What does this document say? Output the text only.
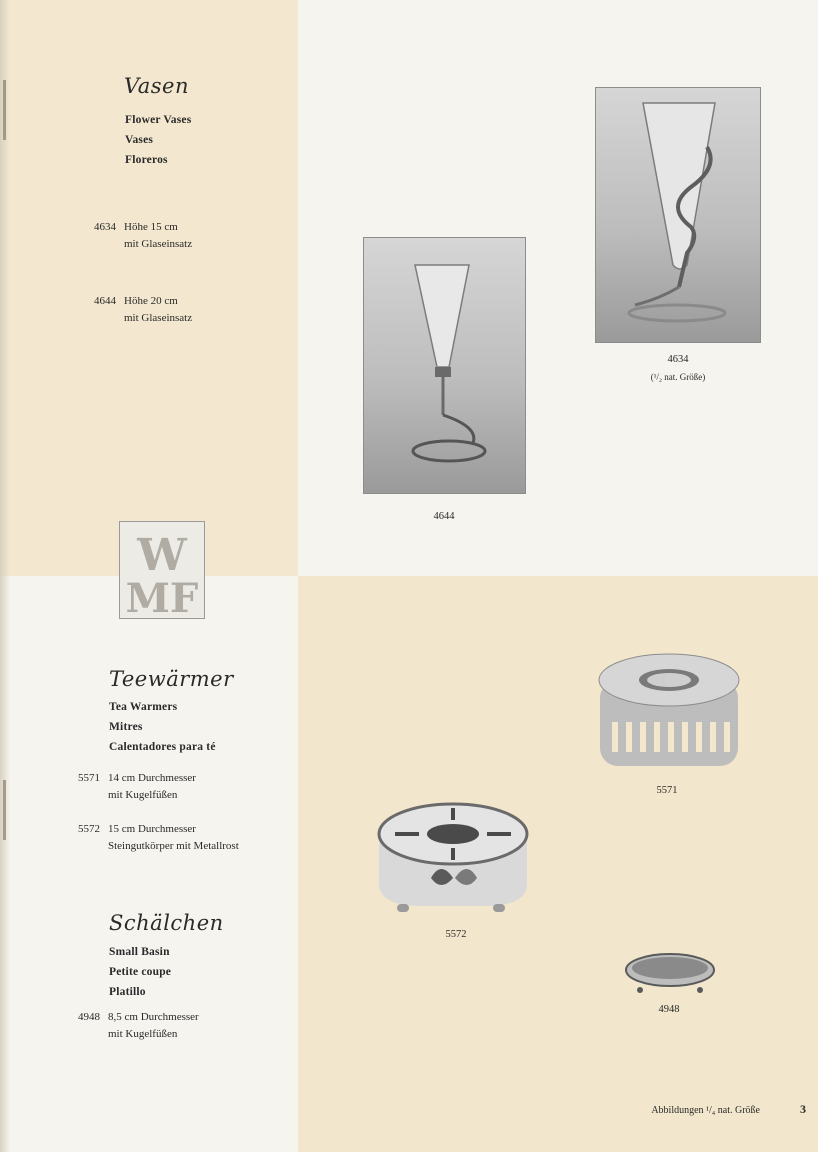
Vasen
Flower Vases
Vases
Floreros
4634 Höhe 15 cm
mit Glaseinsatz
4644 Höhe 20 cm
mit Glaseinsatz
4634
(¹/₂ nat. Größe)
4644
W
MF
Teewärmer
Tea Warmers
Mitres
Calentadores para té
5571 14 cm Durchmesser
mit Kugelfüßen
5572 15 cm Durchmesser
Steingutkörper mit Metallrost
Schälchen
Small Basin
Petite coupe
Platillo
4948 8,5 cm Durchmesser
mit Kugelfüßen
5571
5572
4948
Abbildungen ¹/₄ nat. Größe	3
